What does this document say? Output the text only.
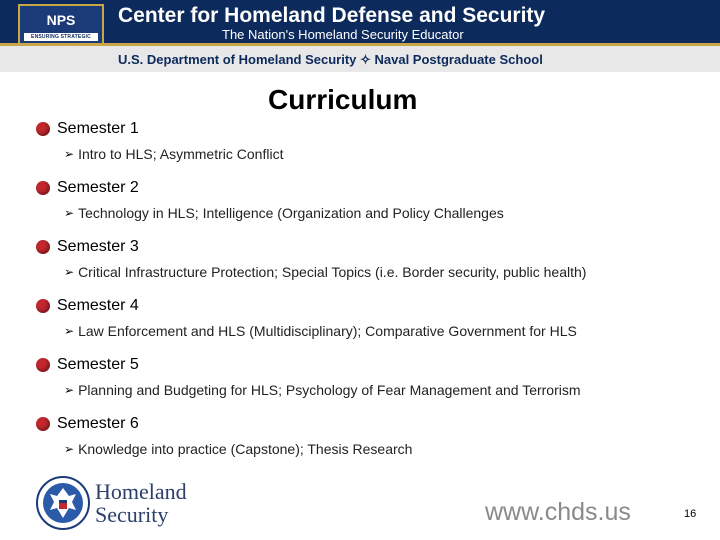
NPS
ENSURING STRATEGIC
Center for Homeland Defense and Security
The Nation's Homeland Security Educator
U.S. Department of Homeland Security ✧ Naval Postgraduate School
Curriculum
Semester 1
➢ Intro to HLS; Asymmetric Conflict
Semester 2
➢ Technology in HLS; Intelligence (Organization and Policy Challenges
Semester 3
➢ Critical Infrastructure Protection; Special Topics (i.e. Border security, public health)
Semester 4
➢ Law Enforcement and HLS (Multidisciplinary); Comparative Government for HLS
Semester 5
➢ Planning and Budgeting for HLS; Psychology of Fear Management and Terrorism
Semester 6
➢ Knowledge into practice (Capstone); Thesis Research
Homeland
Security	www.chds.us	16
